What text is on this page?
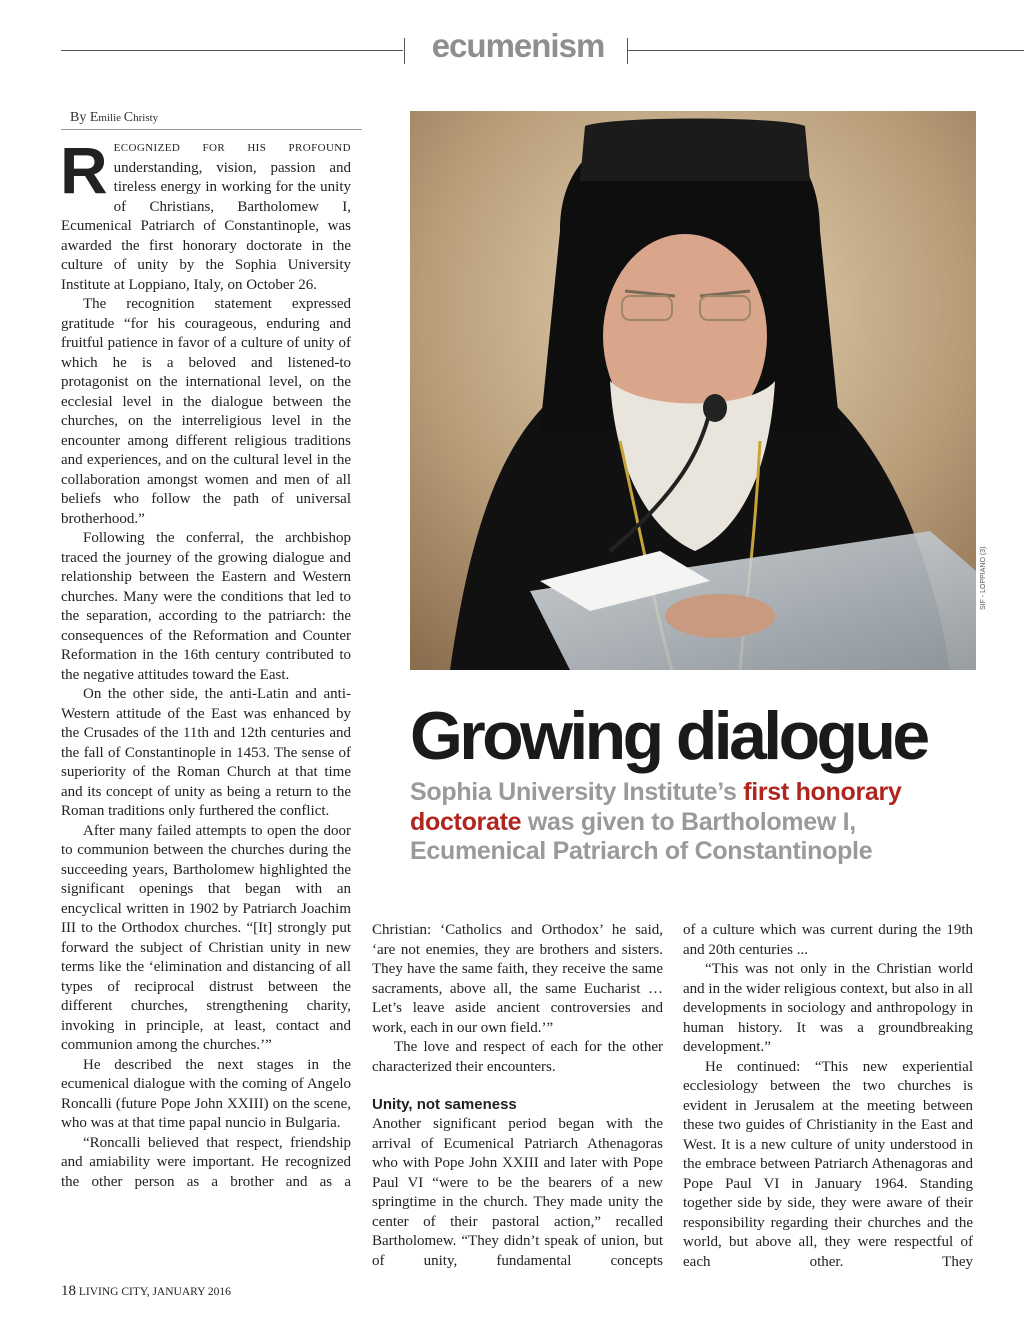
ecumenism
By Emilie Christy

RECOGNIZED FOR HIS PROFOUND understanding, vision, passion and tireless energy in working for the unity of Christians, Bartholomew I, Ecumenical Patriarch of Constantinople, was awarded the first honorary doctorate in the culture of unity by the Sophia University Institute at Loppiano, Italy, on October 26.

The recognition statement expressed gratitude “for his courageous, enduring and fruitful patience in favor of a culture of unity of which he is a beloved and listened-to protagonist on the international level, on the ecclesial level in the dialogue between the churches, on the interreligious level in the encounter among different religious traditions and experiences, and on the cultural level in the collaboration amongst women and men of all beliefs who follow the path of universal brotherhood.”

Following the conferral, the archbishop traced the journey of the growing dialogue and relationship between the Eastern and Western churches. Many were the conditions that led to the separation, according to the patriarch: the consequences of the Reformation and Counter Reformation in the 16th century contributed to the negative attitudes toward the East.

On the other side, the anti-Latin and anti-Western attitude of the East was enhanced by the Crusades of the 11th and 12th centuries and the fall of Constantinople in 1453. The sense of superiority of the Roman Church at that time and its concept of unity as being a return to the Roman traditions only furthered the conflict.

After many failed attempts to open the door to communion between the churches during the succeeding years, Bartholomew highlighted the significant openings that began with an encyclical written in 1902 by Patriarch Joachim III to the Orthodox churches. “[It] strongly put forward the subject of Christian unity in new terms like the ‘elimination and distancing of all types of reciprocal distrust between the different churches, strengthening charity, invoking in principle, at least, contact and communion among the churches.’”

He described the next stages in the ecumenical dialogue with the coming of Angelo Roncalli (future Pope John XXIII) on the scene, who was at that time papal nuncio in Bulgaria.

“Roncalli believed that respect, friendship and amiability were important. He recognized the other person as a brother and as a

SIF - LOPPIANO (3)
Growing dialogue
Sophia University Institute’s first honorary doctorate was given to Bartholomew I, Ecumenical Patriarch of Constantinople

Christian: ‘Catholics and Orthodox’ he said, ‘are not enemies, they are brothers and sisters. They have the same faith, they receive the same sacraments, above all, the same Eucharist … Let’s leave aside ancient controversies and work, each in our own field.’”

The love and respect of each for the other characterized their encounters.

Unity, not sameness

Another significant period began with the arrival of Ecumenical Patriarch Athenagoras who with Pope John XXIII and later with Pope Paul VI “were to be the bearers of a new springtime in the church. They made unity the center of their pastoral action,” recalled Bartholomew. “They didn’t speak of union, but of unity, fundamental concepts

of a culture which was current during the 19th and 20th centuries ...

“This was not only in the Christian world and in the wider religious context, but also in all developments in sociology and anthropology in human history. It was a groundbreaking development.”

He continued: “This new experiential ecclesiology between the two churches is evident in Jerusalem at the meeting between these two guides of Christianity in the East and West. It is a new culture of unity understood in the embrace between Patriarch Athenagoras and Pope Paul VI in January 1964. Standing together side by side, they were aware of their responsibility regarding their churches and the world, but above all, they were respectful of each other. They

18 LIVING CITY, JANUARY 2016
